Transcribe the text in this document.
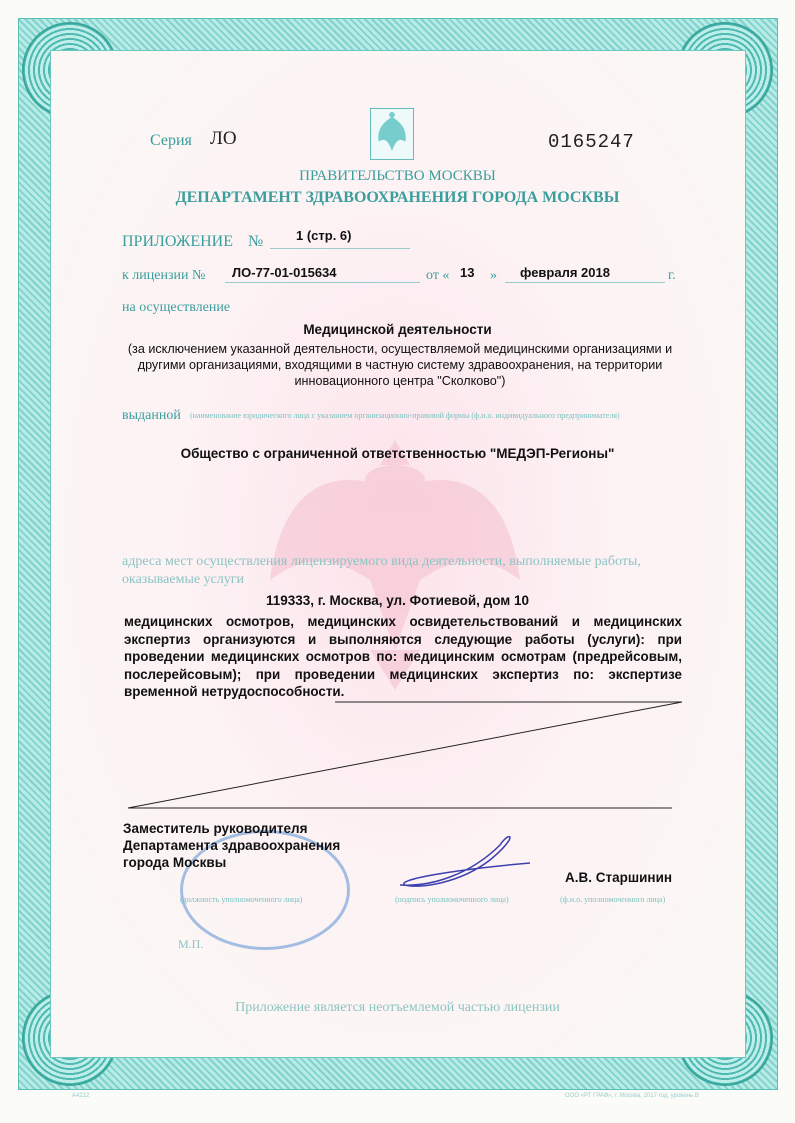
Серия ЛО	0165247
ПРАВИТЕЛЬСТВО МОСКВЫ
ДЕПАРТАМЕНТ ЗДРАВООХРАНЕНИЯ ГОРОДА МОСКВЫ
ПРИЛОЖЕНИЕ №	1 (стр. 6)
к лицензии № ЛО-77-01-015634	от « 13 » февраля 2018	г.
на осуществление
Медицинской деятельности
(за исключением указанной деятельности, осуществляемой медицинскими организациями и другими организациями, входящими в частную систему здравоохранения, на территории инновационного центра "Сколково")
выданной (наименование юридического лица с указанием организационно-правовой формы (ф.и.о. индивидуального предпринимателя)
Общество с ограниченной ответственностью "МЕДЭП-Регионы"
адреса мест осуществления лицензируемого вида деятельности, выполняемые работы, оказываемые услуги
119333, г. Москва, ул. Фотиевой, дом 10
медицинских осмотров, медицинских освидетельствований и медицинских экспертиз организуются и выполняются следующие работы (услуги): при проведении медицинских осмотров по: медицинским осмотрам (предрейсовым, послерейсовым); при проведении медицинских экспертиз по: экспертизе временной нетрудоспособности.
Заместитель руководителя Департамента здравоохранения города Москвы
(должность уполномоченного лица)	(подпись уполномоченного лица)
А.В. Старшинин
(ф.и.о. уполномоченного лица)
М.П.
Приложение является неотъемлемой частью лицензии
А4212	ООО «РТ ГРАФ», г. Москва, 2017 год, уровень В
